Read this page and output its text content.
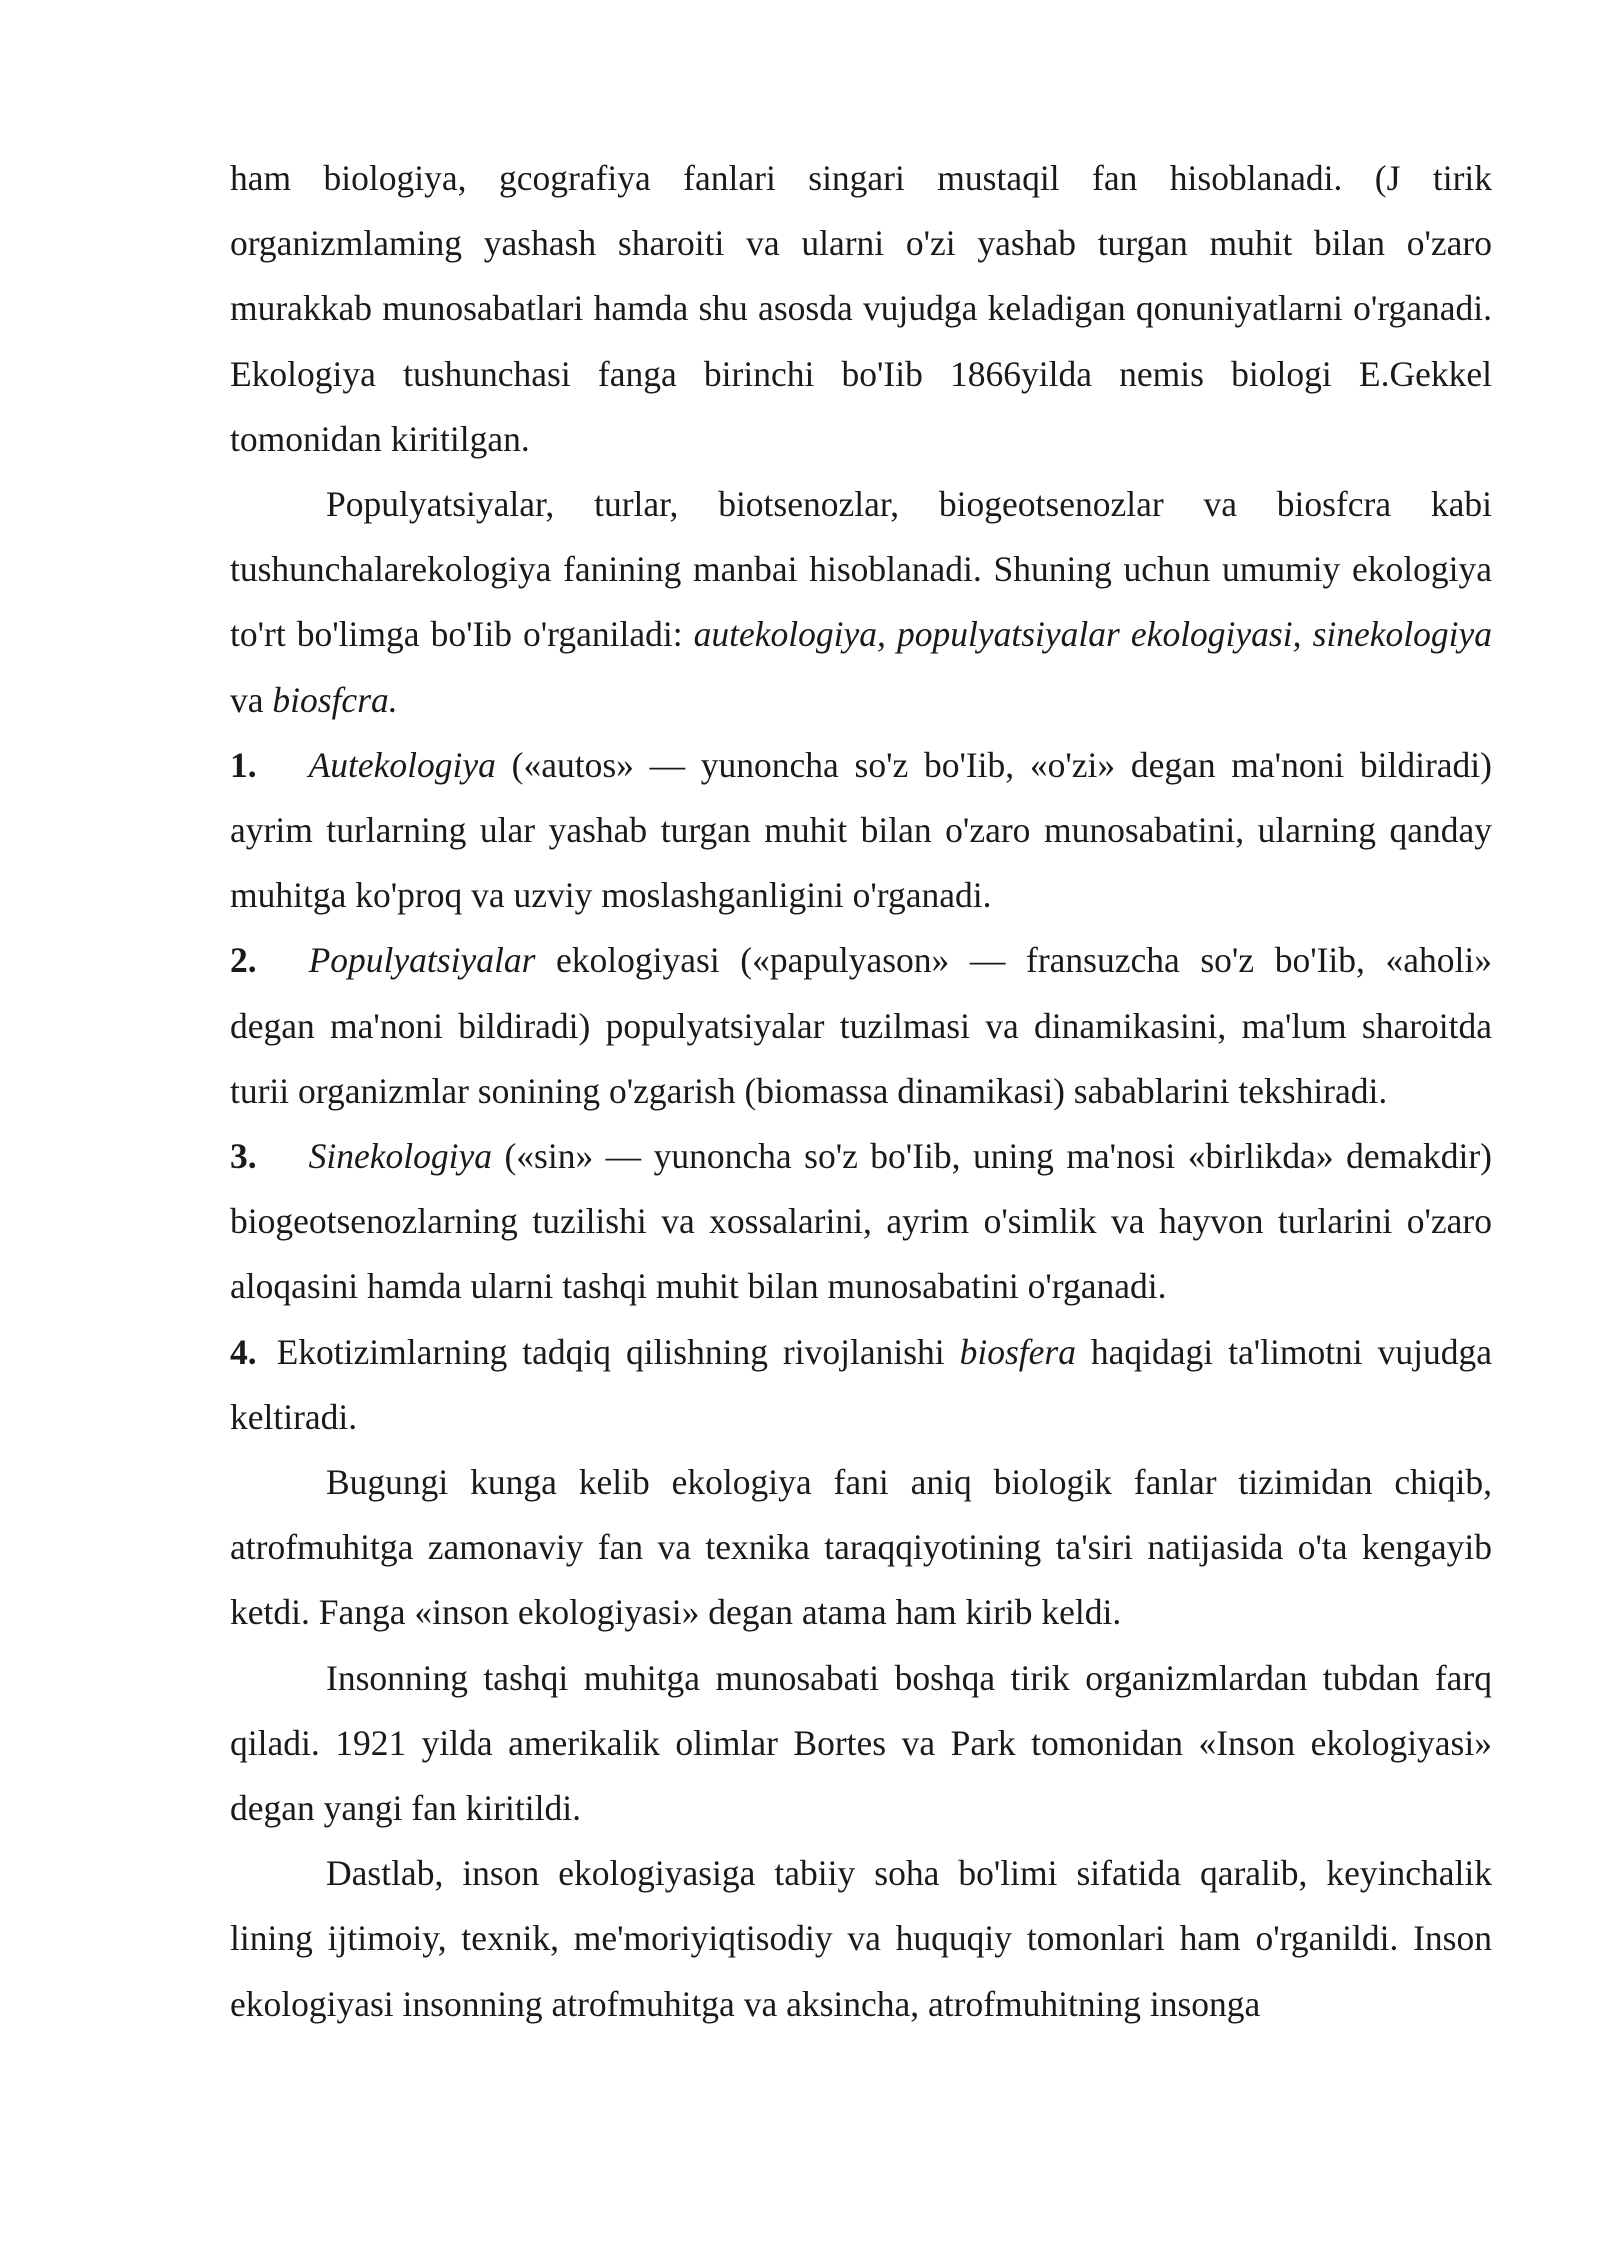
ham biologiya, gcografiya fanlari singari mustaqil fan hisoblanadi. (J tirik organizmlaming yashash sharoiti va ularni o'zi yashab turgan muhit bilan o'zaro murakkab munosabatlari hamda shu asosda vujudga keladigan qonuniyatlarni o'rganadi. Ekologiya tushunchasi fanga birinchi bo'Iib 1866yilda nemis biologi E.Gekkel tomonidan kiritilgan.

Populyatsiyalar, turlar, biotsenozlar, biogeotsenozlar va biosfcra kabi tushunchalarekologiya fanining manbai hisoblanadi. Shuning uchun umumiy ekologiya to'rt bo'limga bo'Iib o'rganiladi: autekologiya, populyatsiyalar ekologiyasi, sinekologiya va biosfcra.

1. Autekologiya («autos» — yunoncha so'z bo'Iib, «o'zi» degan ma'noni bildiradi) ayrim turlarning ular yashab turgan muhit bilan o'zaro munosabatini, ularning qanday muhitga ko'proq va uzviy moslashganligini o'rganadi.

2. Populyatsiyalar ekologiyasi («papulyason» — fransuzcha so'z bo'Iib, «aholi» degan ma'noni bildiradi) populyatsiyalar tuzilmasi va dinamikasini, ma'lum sharoitda turii organizmlar sonining o'zgarish (biomassa dinamikasi) sabablarini tekshiradi.

3. Sinekologiya («sin» — yunoncha so'z bo'Iib, uning ma'nosi «birlikda» demakdir) biogeotsenozlarning tuzilishi va xossalarini, ayrim o'simlik va hayvon turlarini o'zaro aloqasini hamda ularni tashqi muhit bilan munosabatini o'rganadi.

4. Ekotizimlarning tadqiq qilishning rivojlanishi biosfera haqidagi ta'limotni vujudga keltiradi.

Bugungi kunga kelib ekologiya fani aniq biologik fanlar tizimidan chiqib, atrofmuhitga zamonaviy fan va texnika taraqqiyotining ta'siri natijasida o'ta kengayib ketdi. Fanga «inson ekologiyasi» degan atama ham kirib keldi.

Insonning tashqi muhitga munosabati boshqa tirik organizmlardan tubdan farq qiladi. 1921 yilda amerikalik olimlar Bortes va Park tomonidan «Inson ekologiyasi» degan yangi fan kiritildi.

Dastlab, inson ekologiyasiga tabiiy soha bo'limi sifatida qaralib, keyinchalik lining ijtimoiy, texnik, me'moriyiqtisodiy va huquqiy tomonlari ham o'rganildi. Inson ekologiyasi insonning atrofmuhitga va aksincha, atrofmuhitning insonga
